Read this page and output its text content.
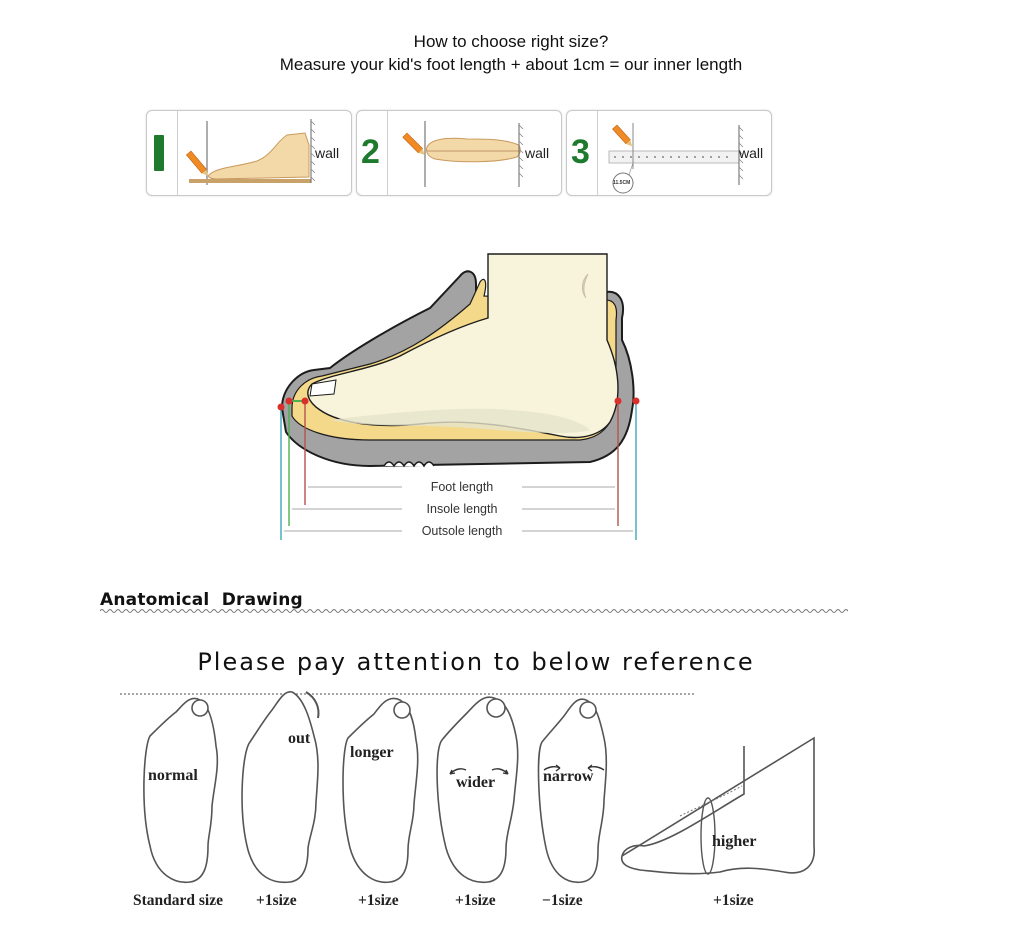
How to choose right size?
Measure your kid's foot length + about 1cm = our inner length
wall 2	wall 3
11.5CM
wall
Foot length
Insole length
Outsole length
Anatomical  Drawing
Please pay attention to below reference
normal
out
longer
wider	narrow
higher
Standard size +1size	+1size	+1size	−1size	+1size
